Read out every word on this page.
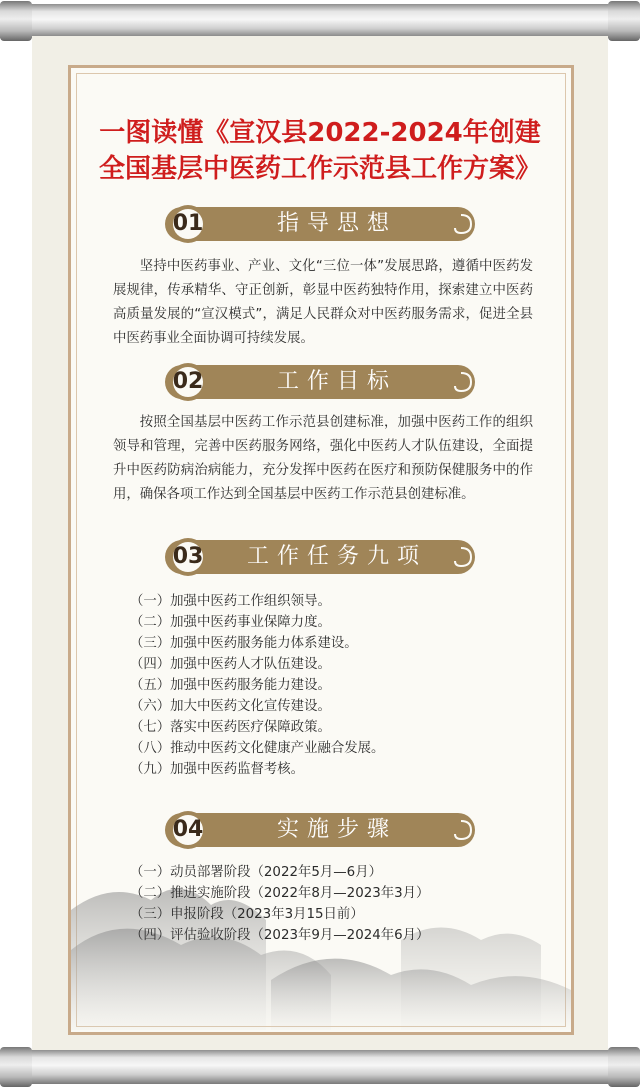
一图读懂《宣汉县2022-2024年创建
全国基层中医药工作示范县工作方案》
01	指导思想

坚持中医药事业、产业、文化“三位一体”发展思路，遵循中医药发展规律，传承精华、守正创新，彰显中医药独特作用，探索建立中医药高质量发展的“宣汉模式”，满足人民群众对中医药服务需求，促进全县中医药事业全面协调可持续发展。

02	工作目标

按照全国基层中医药工作示范县创建标准，加强中医药工作的组织领导和管理，完善中医药服务网络，强化中医药人才队伍建设，全面提升中医药防病治病能力，充分发挥中医药在医疗和预防保健服务中的作用，确保各项工作达到全国基层中医药工作示范县创建标准。

03	工作任务九项
（一）加强中医药工作组织领导。
（二）加强中医药事业保障力度。
（三）加强中医药服务能力体系建设。
（四）加强中医药人才队伍建设。
（五）加强中医药服务能力建设。
（六）加大中医药文化宣传建设。
（七）落实中医药医疗保障政策。
（八）推动中医药文化健康产业融合发展。
（九）加强中医药监督考核。
04	实施步骤
（一）动员部署阶段（2022年5月—6月）
（二）推进实施阶段（2022年8月—2023年3月）
（三）申报阶段（2023年3月15日前）
（四）评估验收阶段（2023年9月—2024年6月）
